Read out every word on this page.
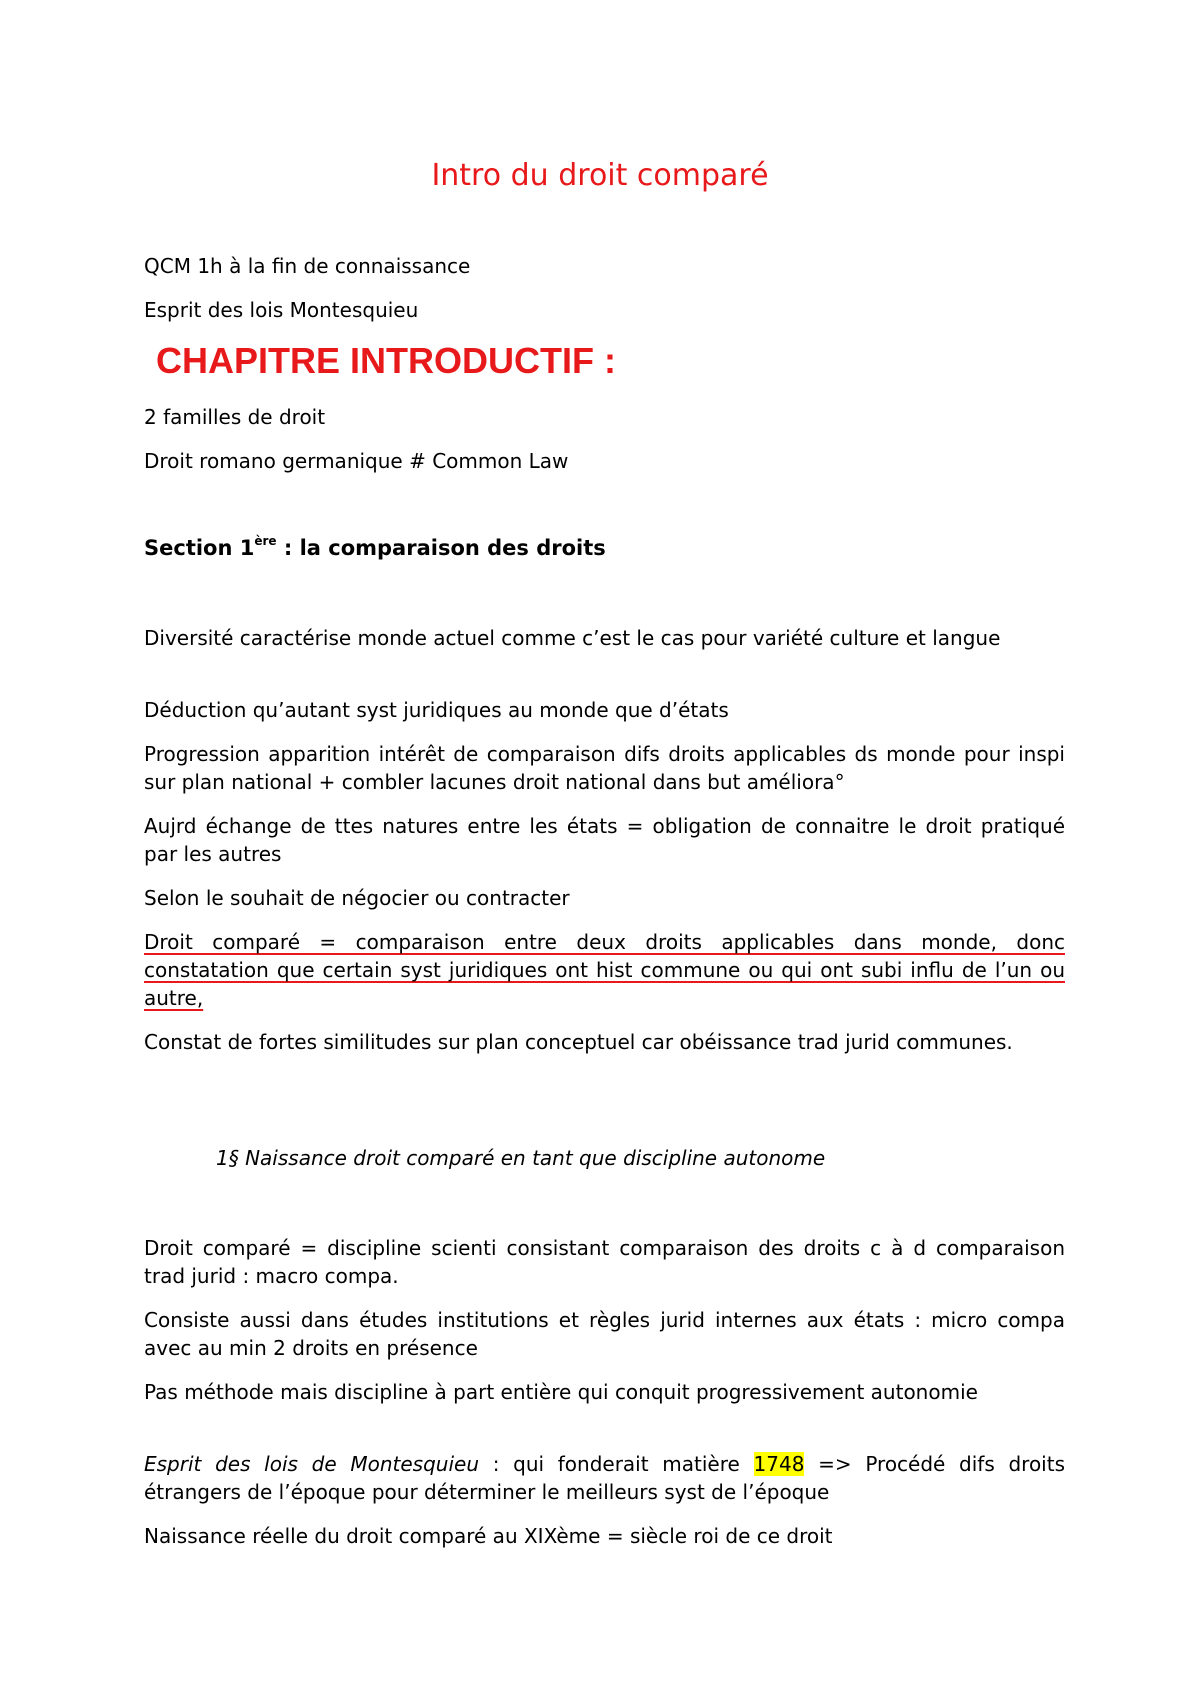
Intro du droit comparé
QCM 1h à la fin de connaissance
Esprit des lois Montesquieu
CHAPITRE INTRODUCTIF :
2 familles de droit
Droit romano germanique # Common Law
Section 1ère : la comparaison des droits
Diversité caractérise monde actuel comme c’est le cas pour variété culture et langue
Déduction qu’autant syst juridiques au monde que d’états
Progression apparition intérêt de comparaison difs droits applicables ds monde pour inspi sur plan national + combler lacunes droit national dans but améliora°
Aujrd échange de ttes natures entre les états = obligation de connaitre le droit pratiqué par les autres
Selon le souhait de négocier ou contracter
Droit comparé = comparaison entre deux droits applicables dans monde, donc constatation que certain syst juridiques ont hist commune ou qui ont subi influ de l’un ou autre,
Constat de fortes similitudes sur plan conceptuel car obéissance trad jurid communes.
1§ Naissance droit comparé en tant que discipline autonome
Droit comparé = discipline scienti consistant comparaison des droits c à d comparaison trad jurid : macro compa.
Consiste aussi dans études institutions et règles jurid internes aux états : micro compa avec au min 2 droits en présence
Pas méthode mais discipline à part entière qui conquit progressivement autonomie
Esprit des lois de Montesquieu : qui fonderait matière 1748 => Procédé difs droits étrangers de l’époque pour déterminer le meilleurs syst de l’époque
Naissance réelle du droit comparé au XIXème = siècle roi de ce droit
